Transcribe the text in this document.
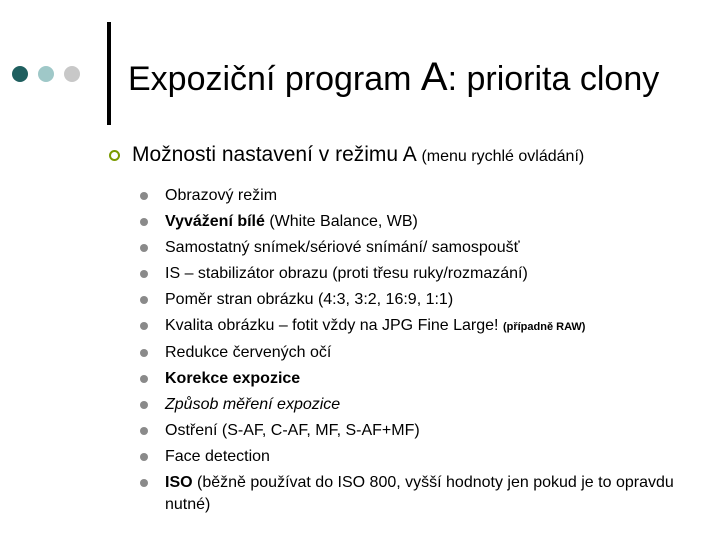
Expoziční program A: priorita clony
Možnosti nastavení v režimu A (menu rychlé ovládání)
Obrazový režim
Vyvážení bílé (White Balance, WB)
Samostatný snímek/sériové snímání/ samospoušť
IS – stabilizátor obrazu (proti třesu ruky/rozmazání)
Poměr stran obrázku (4:3, 3:2, 16:9, 1:1)
Kvalita obrázku – fotit vždy na JPG Fine Large! (případně RAW)
Redukce červených očí
Korekce expozice
Způsob měření expozice
Ostření (S-AF, C-AF, MF, S-AF+MF)
Face detection
ISO (běžně používat do ISO 800, vyšší hodnoty jen pokud je to opravdu nutné)
